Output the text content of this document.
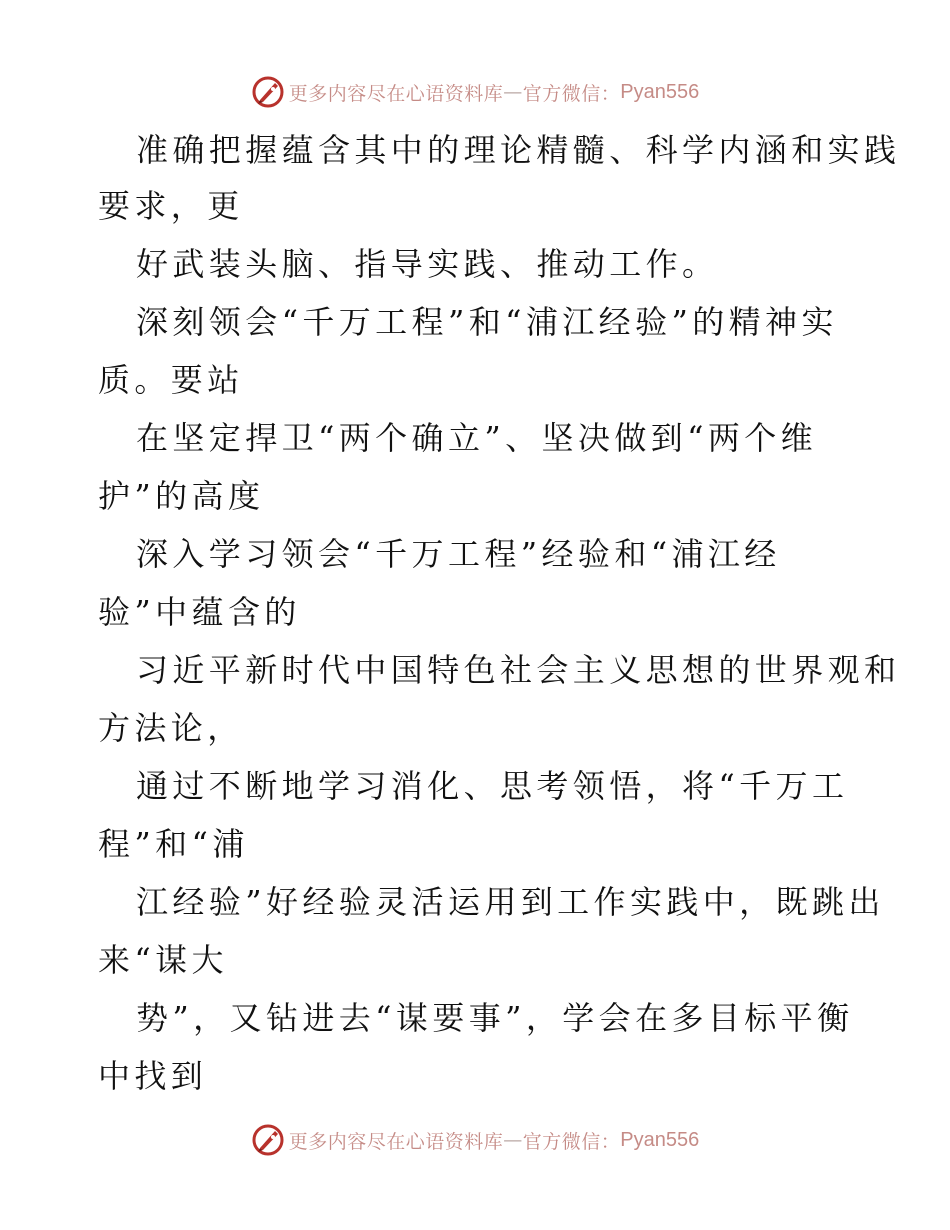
更多内容尽在心语资料库 — 官方微信： Pyan556
准确把握蕴含其中的理论精髓、科学内涵和实践
要求，更
好武装头脑、指导实践、推动工作。
深刻领会“千万工程”和“浦江经验”的精神实
质。要站
在坚定捍卫“两个确立”、坚决做到“两个维
护”的高度
深入学习领会“千万工程”经验和“浦江经
验”中蕴含的
习近平新时代中国特色社会主义思想的世界观和
方法论，
通过不断地学习消化、思考领悟，将“千万工
程”和“浦
江经验”好经验灵活运用到工作实践中，既跳出
来“谋大
势”，又钻进去“谋要事”，学会在多目标平衡
中找到
更多内容尽在心语资料库 — 官方微信： Pyan556
